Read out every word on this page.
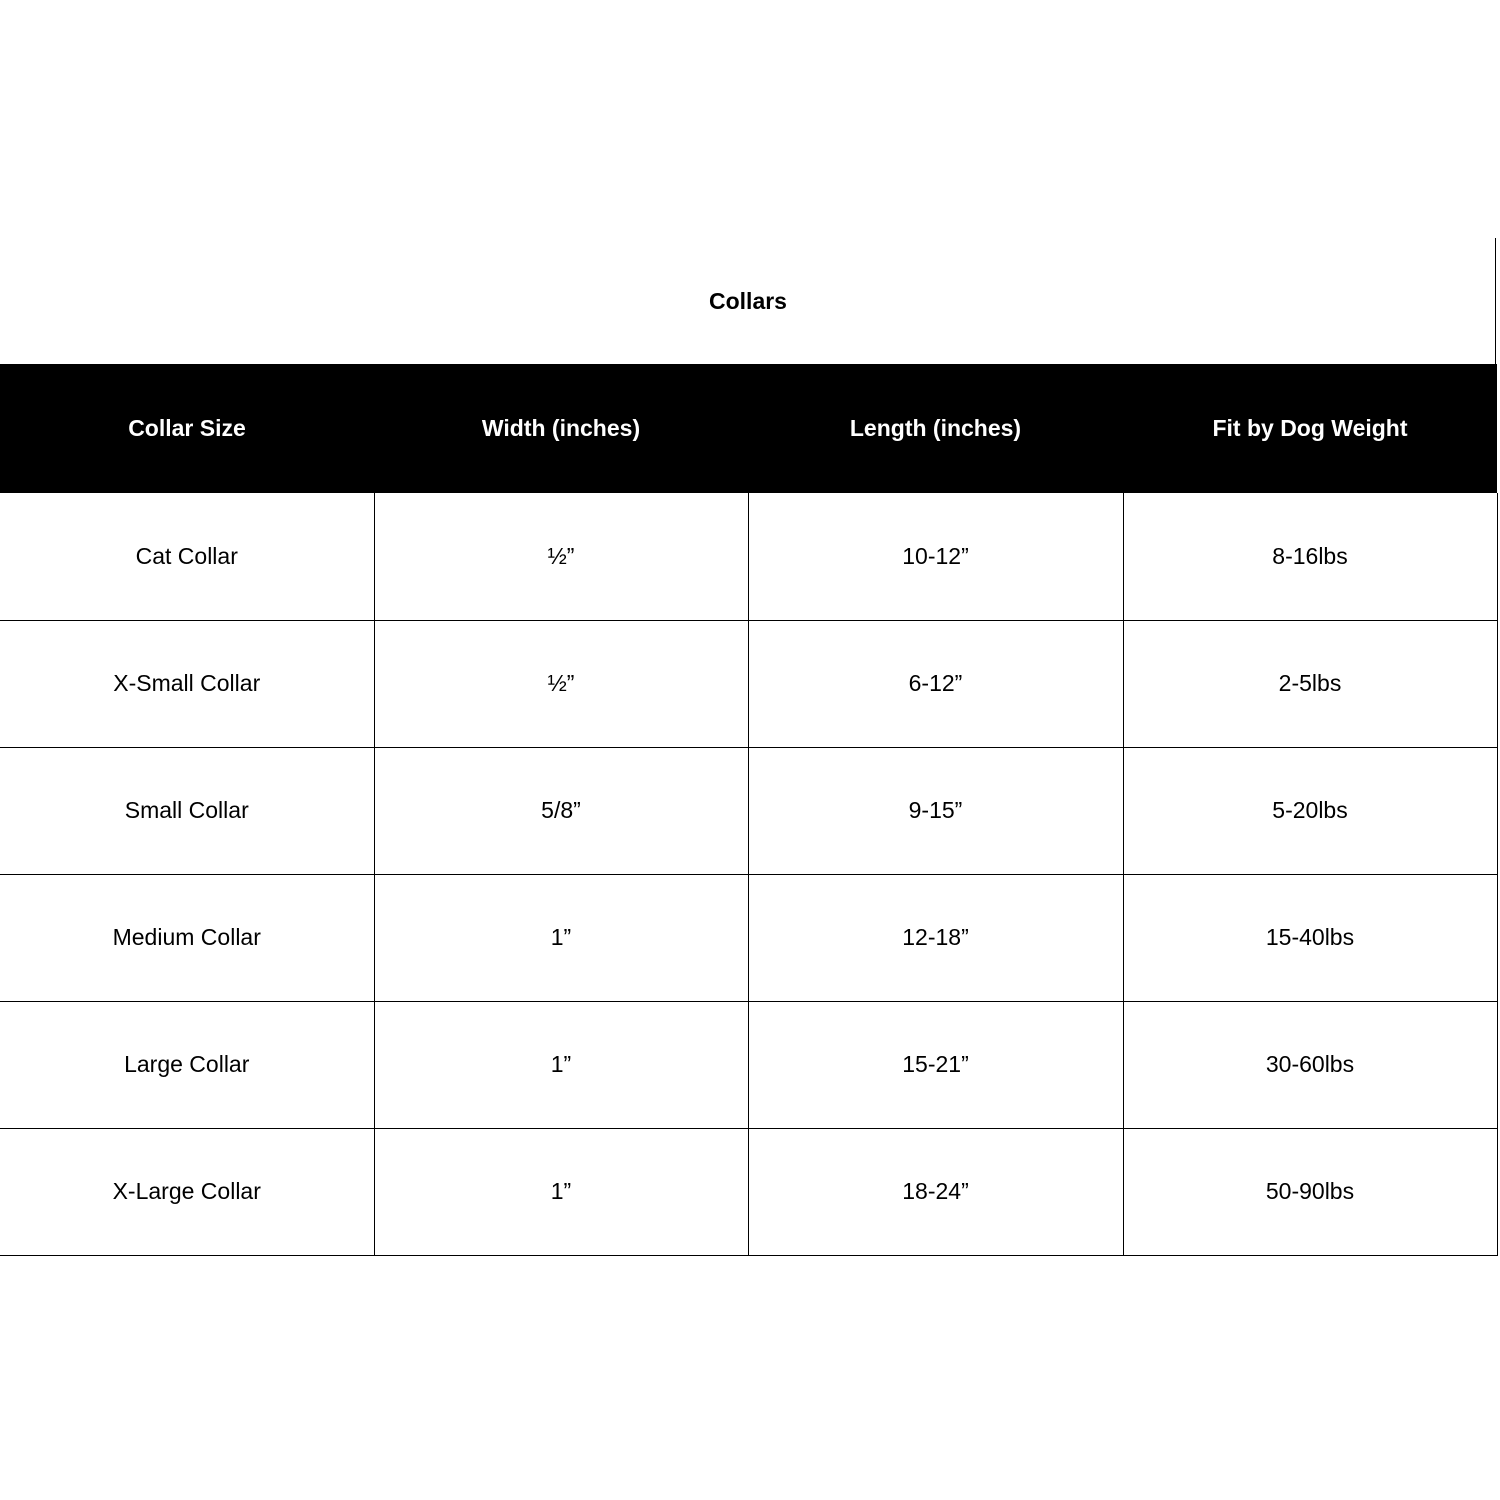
Collars
Collar Size	Width (inches)	Length (inches)	Fit by Dog Weight
Cat Collar	½”	10-12”	8-16lbs
X-Small Collar	½”	6-12”	2-5lbs
Small Collar	5/8”	9-15”	5-20lbs
Medium Collar	1”	12-18”	15-40lbs
Large Collar	1”	15-21”	30-60lbs
X-Large Collar	1”	18-24”	50-90lbs
